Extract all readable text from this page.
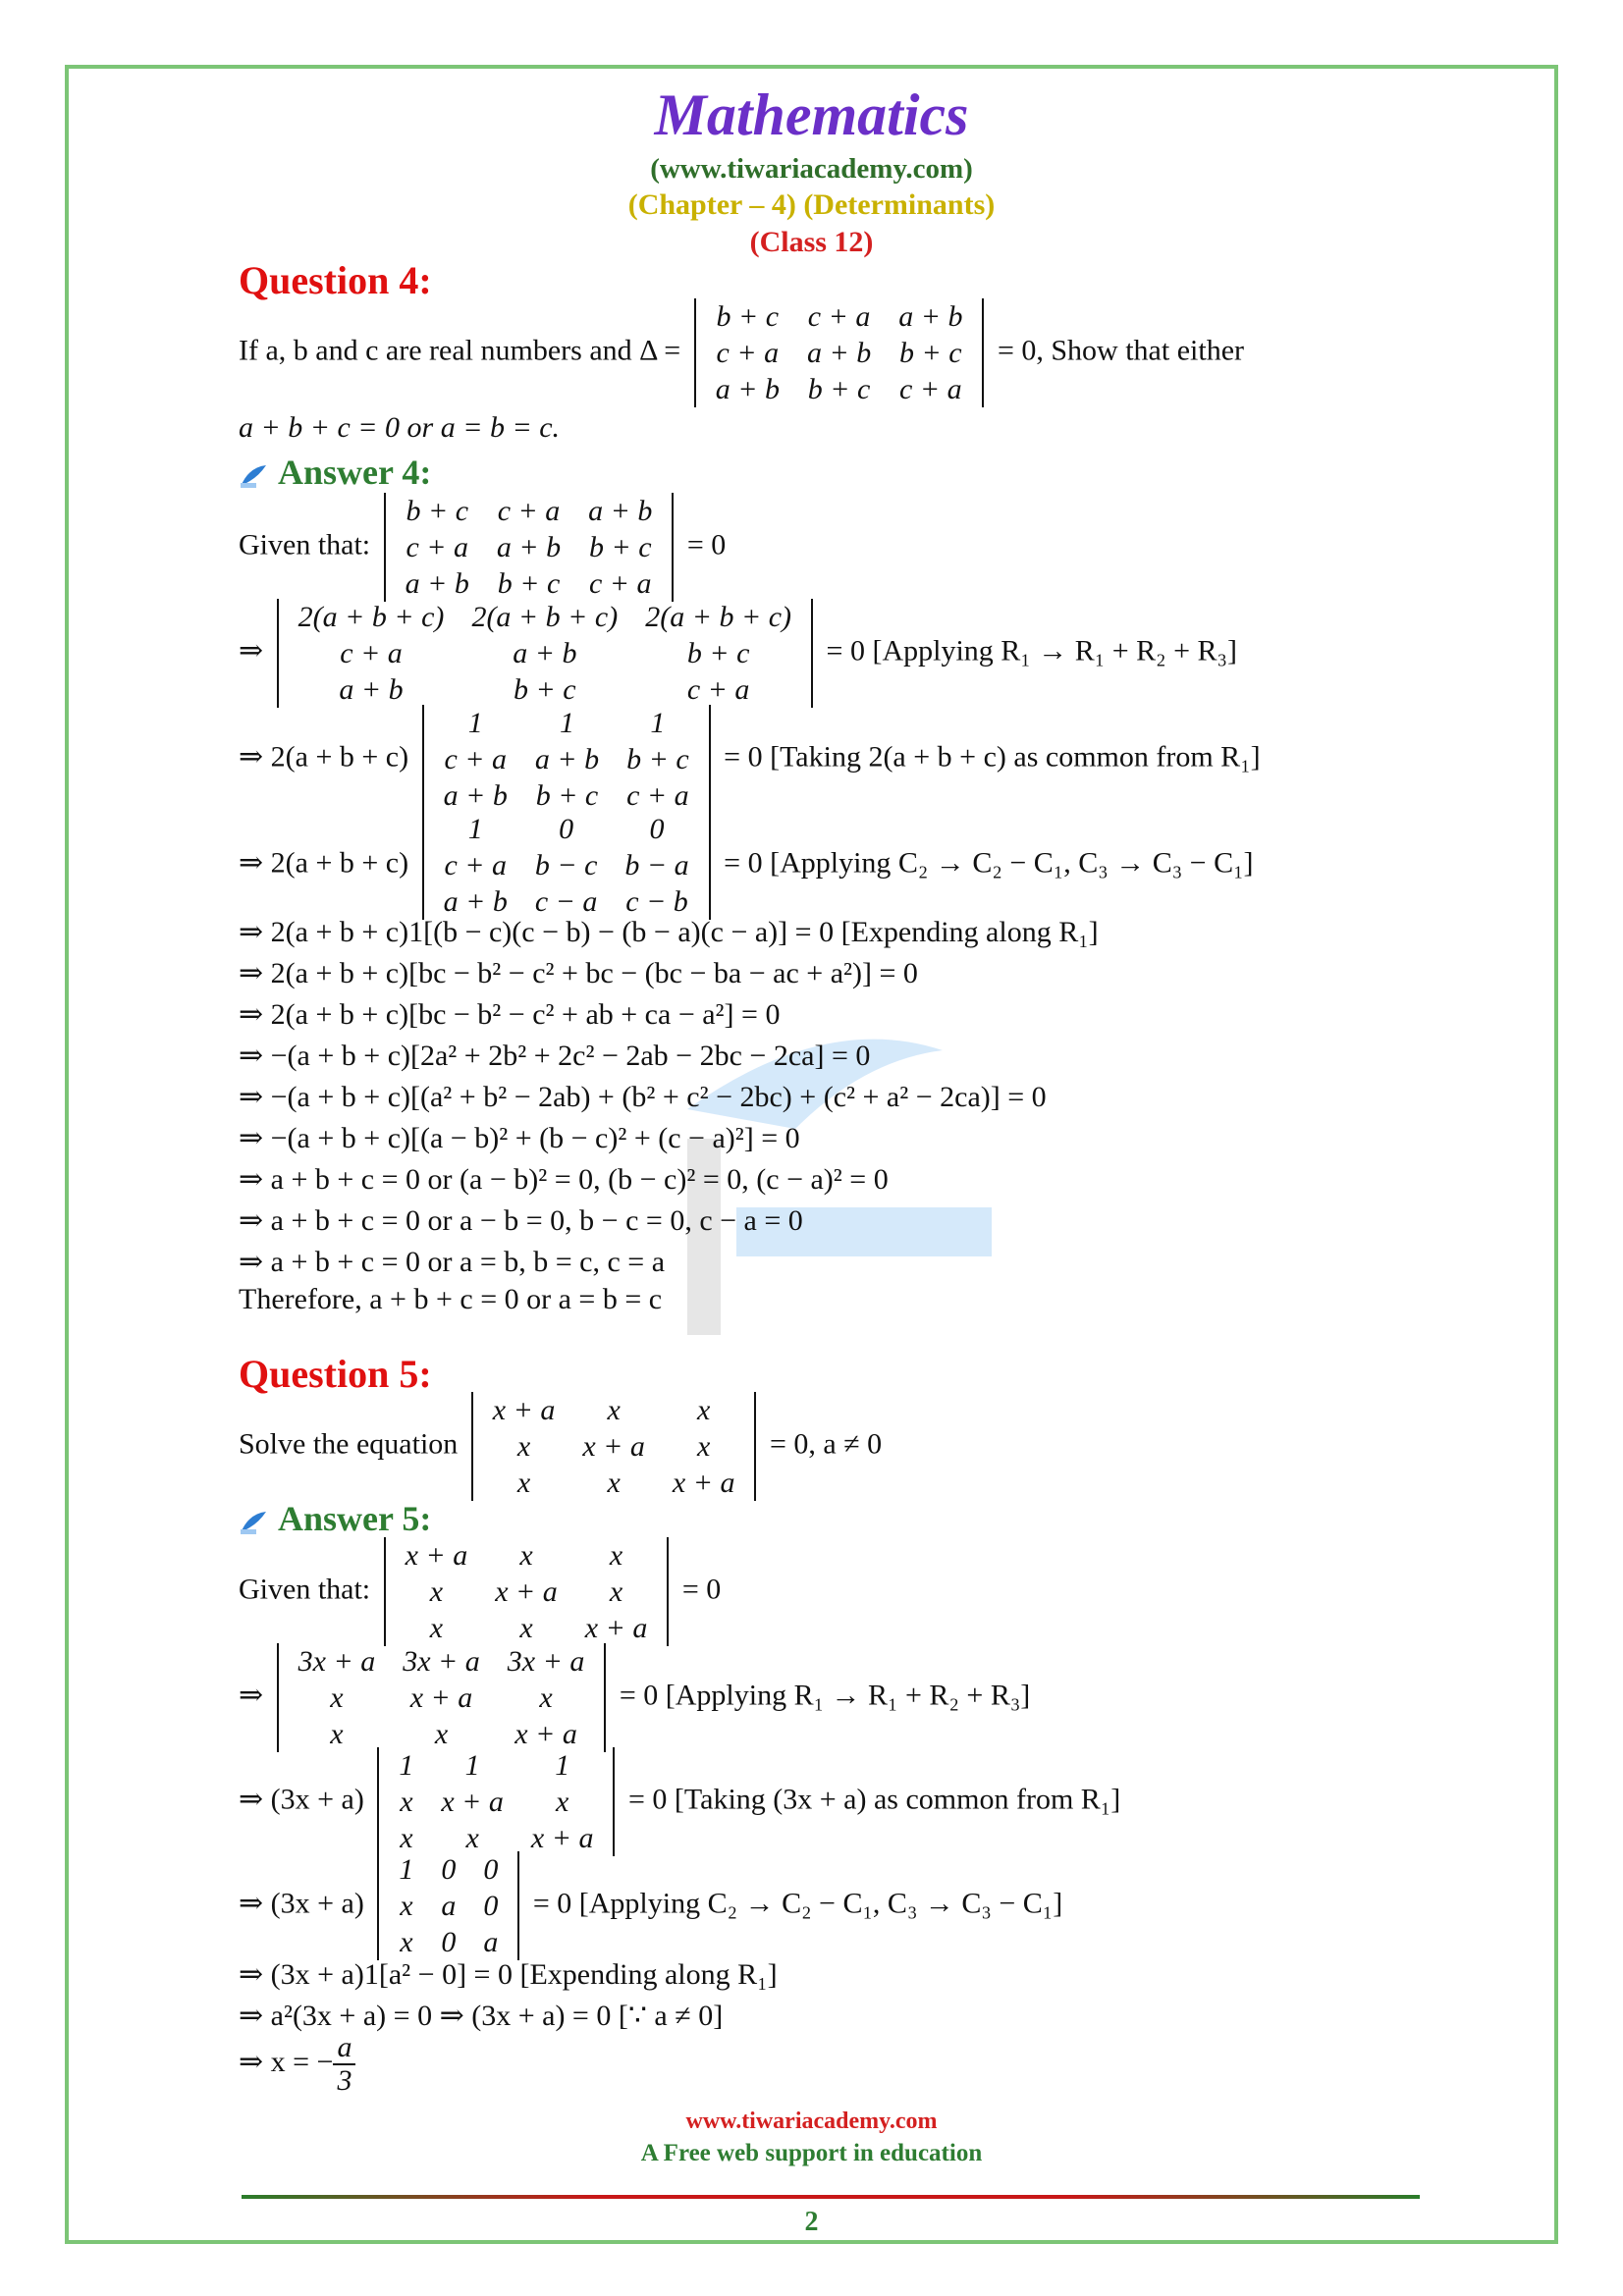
Mathematics
(www.tiwariacademy.com)
(Chapter – 4) (Determinants)
(Class 12)
Question 4:
If a, b and c are real numbers and Δ =
b + c	c + a	a + b
c + a	a + b	b + c
a + b	b + c	c + a
= 0, Show that either
a + b + c = 0 or a = b = c.
Answer 4:
Given that:
b + c	c + a	a + b
c + a	a + b	b + c
a + b	b + c	c + a
= 0
⇒
2(a + b + c)	2(a + b + c)	2(a + b + c)
c + a	a + b	b + c
a + b	b + c	c + a
= 0 [Applying R₁ → R₁ + R₂ + R₃]
⇒ 2(a + b + c)
1	1	1
c + a	a + b	b + c
a + b	b + c	c + a
= 0 [Taking 2(a + b + c) as common from R₁]
⇒ 2(a + b + c)
1	0	0
c + a	b − c	b − a
a + b	c − a	c − b
= 0 [Applying C₂ → C₂ − C₁, C₃ → C₃ − C₁]
⇒ 2(a + b + c)1[(b − c)(c − b) − (b − a)(c − a)] = 0 [Expending along R₁]
⇒ 2(a + b + c)[bc − b² − c² + bc − (bc − ba − ac + a²)] = 0
⇒ 2(a + b + c)[bc − b² − c² + ab + ca − a²] = 0
⇒ −(a + b + c)[2a² + 2b² + 2c² − 2ab − 2bc − 2ca] = 0
⇒ −(a + b + c)[(a² + b² − 2ab) + (b² + c² − 2bc) + (c² + a² − 2ca)] = 0
⇒ −(a + b + c)[(a − b)² + (b − c)² + (c − a)²] = 0
⇒ a + b + c = 0 or (a − b)² = 0, (b − c)² = 0, (c − a)² = 0
⇒ a + b + c = 0 or a − b = 0, b − c = 0, c − a = 0
⇒ a + b + c = 0 or a = b, b = c, c = a
Therefore, a + b + c = 0 or a = b = c
Question 5:
Solve the equation
x + a	x	x
x	x + a	x
x	x	x + a
= 0, a ≠ 0
Answer 5:
Given that:
x + a	x	x
x	x + a	x
x	x	x + a
= 0
⇒
3x + a	3x + a	3x + a
x	x + a	x
x	x	x + a
= 0 [Applying R₁ → R₁ + R₂ + R₃]
⇒ (3x + a)
1	1	1
x	x + a	x
x	x	x + a
= 0 [Taking (3x + a) as common from R₁]
⇒ (3x + a)
1	0	0
x	a	0
x	0	a
= 0 [Applying C₂ → C₂ − C₁, C₃ → C₃ − C₁]
⇒ (3x + a)1[a² − 0] = 0 [Expending along R₁]
⇒ a²(3x + a) = 0 ⇒ (3x + a) = 0 [∵ a ≠ 0]
⇒ x = − $\frac{a}{3}$
www.tiwariacademy.com
A Free web support in education
2
